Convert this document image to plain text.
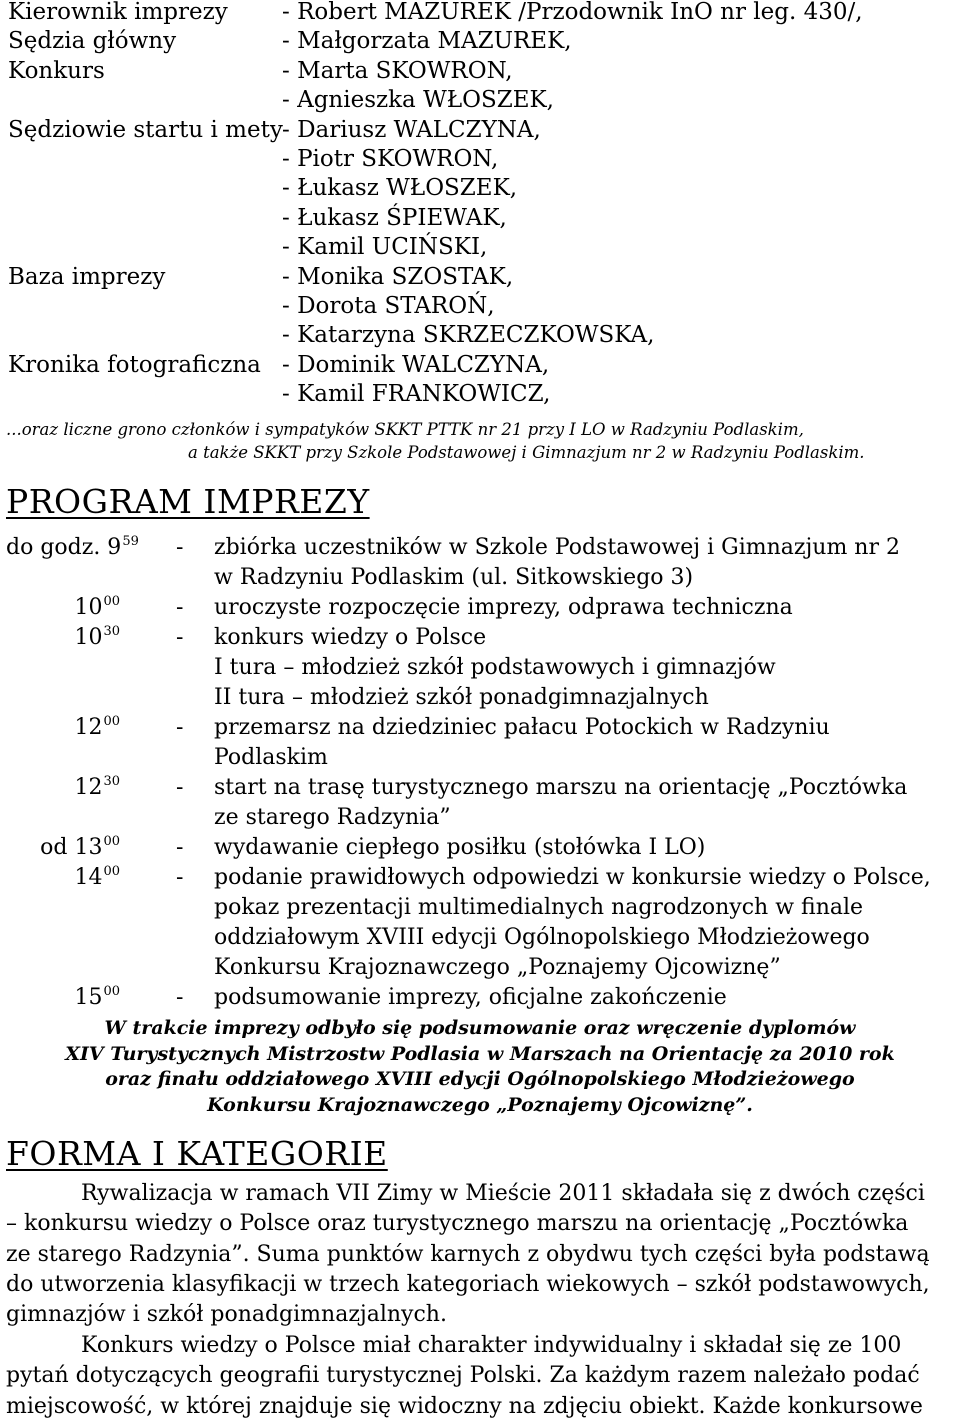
Kierownik imprezy - Robert MAZUREK /Przodownik InO nr leg. 430/,
Sędzia główny	- Małgorzata MAZUREK,
Konkurs	- Marta SKOWRON,
- Agnieszka WŁOSZEK,
Sędziowie startu i mety - Dariusz WALCZYNA,
- Piotr SKOWRON,
- Łukasz WŁOSZEK,
- Łukasz ŚPIEWAK,
- Kamil UCIŃSKI,
Baza imprezy	- Monika SZOSTAK,
- Dorota STAROŃ,
- Katarzyna SKRZECZKOWSKA,
Kronika fotograficzna - Dominik WALCZYNA,
- Kamil FRANKOWICZ,
...oraz liczne grono członków i sympatyków SKKT PTTK nr 21 przy I LO w Radzyniu Podlaskim,
a także SKKT przy Szkole Podstawowej i Gimnazjum nr 2 w Radzyniu Podlaskim.
PROGRAM IMPREZY
do godz. $9^{59}$ - zbiórka uczestników w Szkole Podstawowej i Gimnazjum nr 2
w Radzyniu Podlaskim (ul. Sitkowskiego 3)
$10^{00}$	- uroczyste rozpoczęcie imprezy, odprawa techniczna
$10^{30}$	- konkurs wiedzy o Polsce
I tura – młodzież szkół podstawowych i gimnazjów
II tura – młodzież szkół ponadgimnazjalnych
$12^{00}$	- przemarsz na dziedziniec pałacu Potockich w Radzyniu
Podlaskim
$12^{30}$	- start na trasę turystycznego marszu na orientację „Pocztówka
ze starego Radzynia”
od $13^{00}$	- wydawanie ciepłego posiłku (stołówka I LO)
$14^{00}$	- podanie prawidłowych odpowiedzi w konkursie wiedzy o Polsce,
pokaz prezentacji multimedialnych nagrodzonych w finale
oddziałowym XVIII edycji Ogólnopolskiego Młodzieżowego
Konkursu Krajoznawczego „Poznajemy Ojcowiznę”
$15^{00}$	- podsumowanie imprezy, oficjalne zakończenie
W trakcie imprezy odbyło się podsumowanie oraz wręczenie dyplomów
XIV Turystycznych Mistrzostw Podlasia w Marszach na Orientację za 2010 rok
oraz finału oddziałowego XVIII edycji Ogólnopolskiego Młodzieżowego
Konkursu Krajoznawczego „Poznajemy Ojcowiznę”.
FORMA I KATEGORIE
Rywalizacja w ramach VII Zimy w Mieście 2011 składała się z dwóch części
– konkursu wiedzy o Polsce oraz turystycznego marszu na orientację „Pocztówka
ze starego Radzynia”. Suma punktów karnych z obydwu tych części była podstawą
do utworzenia klasyfikacji w trzech kategoriach wiekowych – szkół podstawowych,
gimnazjów i szkół ponadgimnazjalnych.
Konkurs wiedzy o Polsce miał charakter indywidualny i składał się ze 100
pytań dotyczących geografii turystycznej Polski. Za każdym razem należało podać
miejscowość, w której znajduje się widoczny na zdjęciu obiekt. Każde konkursowe
